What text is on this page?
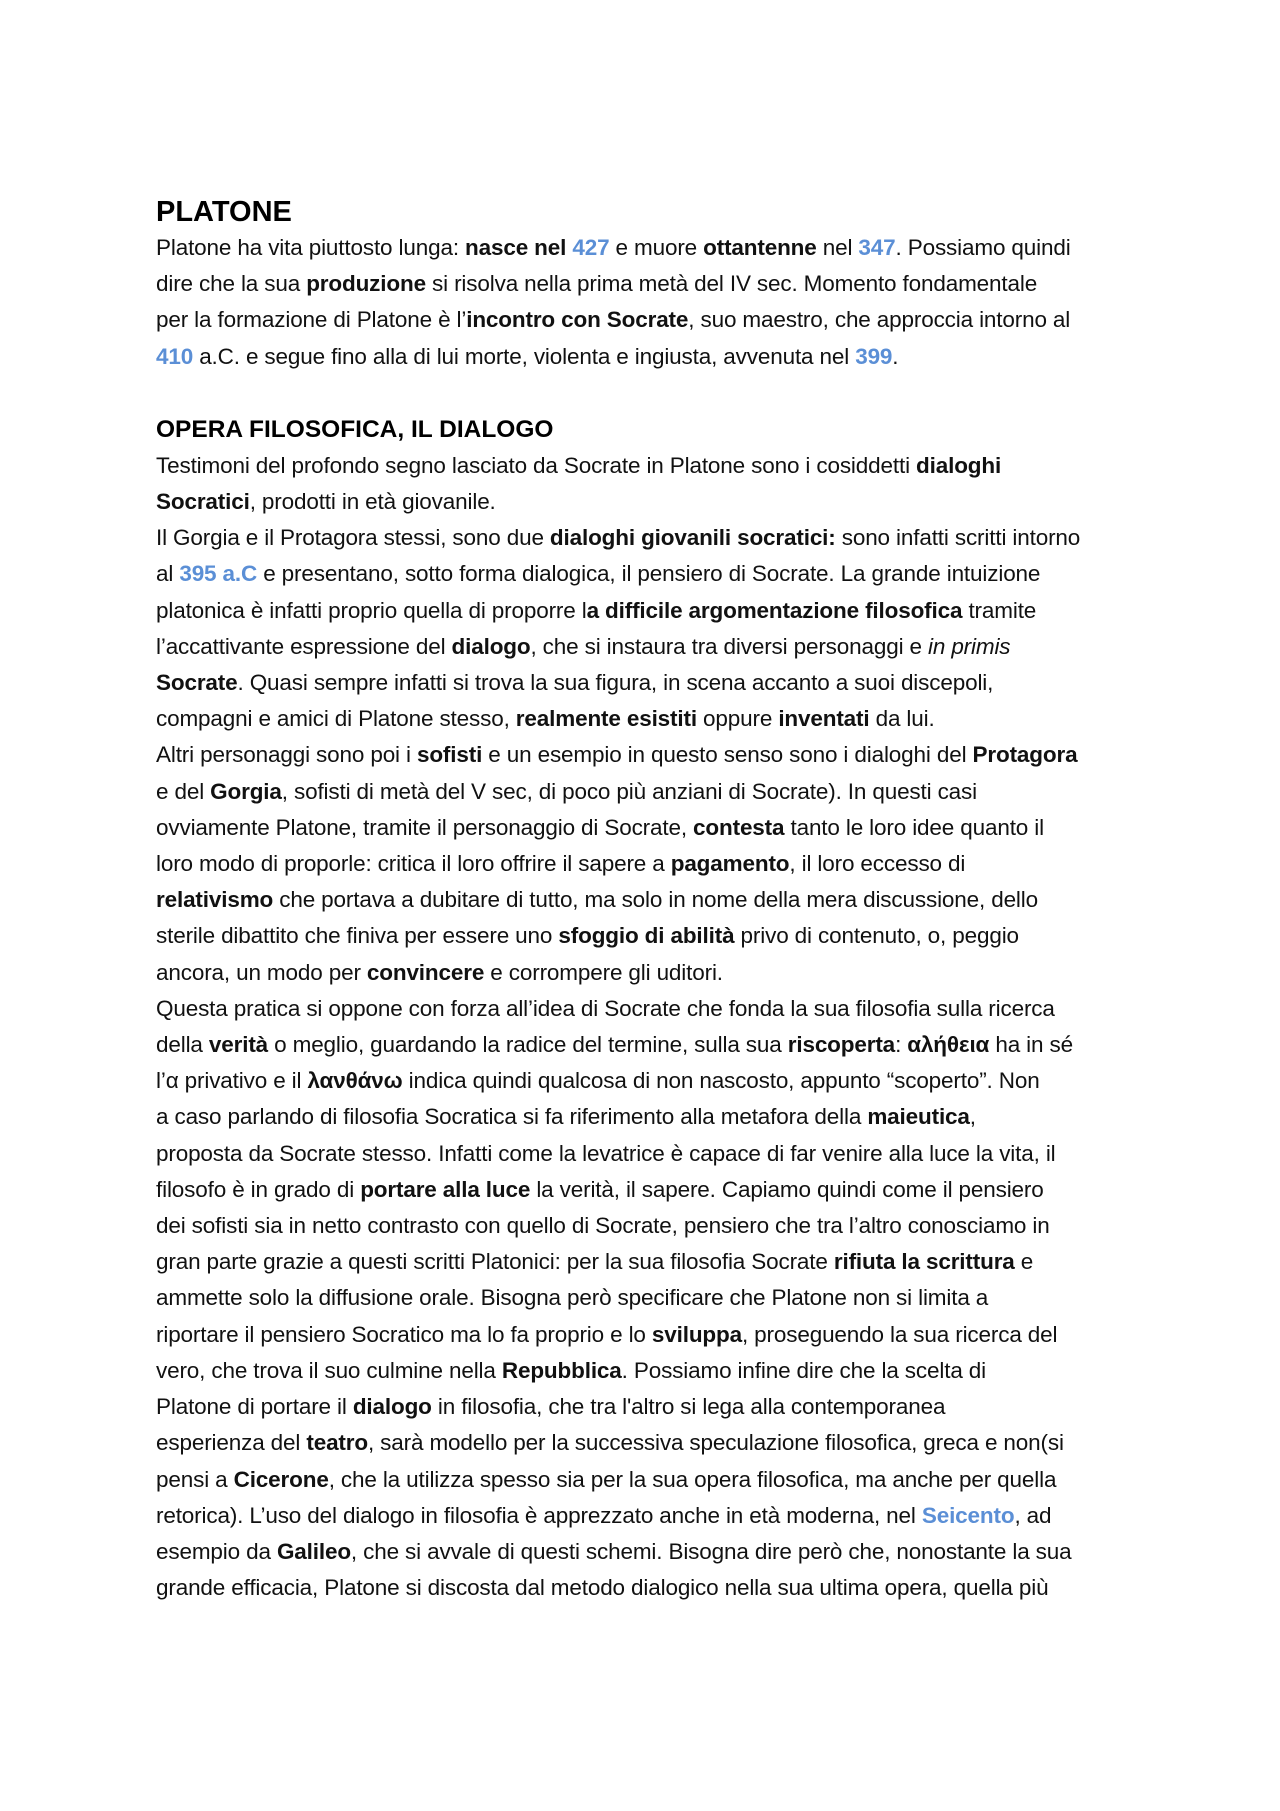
PLATONE

Platone ha vita piuttosto lunga: nasce nel 427 e muore ottantenne nel 347. Possiamo quindi
dire che la sua produzione si risolva nella prima metà del IV sec. Momento fondamentale
per la formazione di Platone è l’incontro con Socrate, suo maestro, che approccia intorno al
410 a.C. e segue fino alla di lui morte, violenta e ingiusta, avvenuta nel 399.

OPERA FILOSOFICA, IL DIALOGO

Testimoni del profondo segno lasciato da Socrate in Platone sono i cosiddetti dialoghi
Socratici, prodotti in età giovanile.
Il Gorgia e il Protagora stessi, sono due dialoghi giovanili socratici: sono infatti scritti intorno
al 395 a.C e presentano, sotto forma dialogica, il pensiero di Socrate. La grande intuizione
platonica è infatti proprio quella di proporre la difficile argomentazione filosofica tramite
l’accattivante espressione del dialogo, che si instaura tra diversi personaggi e in primis
Socrate. Quasi sempre infatti si trova la sua figura, in scena accanto a suoi discepoli,
compagni e amici di Platone stesso, realmente esistiti oppure inventati da lui.
Altri personaggi sono poi i sofisti e un esempio in questo senso sono i dialoghi del Protagora
e del Gorgia, sofisti di metà del V sec, di poco più anziani di Socrate). In questi casi
ovviamente Platone, tramite il personaggio di Socrate, contesta tanto le loro idee quanto il
loro modo di proporle: critica il loro offrire il sapere a pagamento, il loro eccesso di
relativismo che portava a dubitare di tutto, ma solo in nome della mera discussione, dello
sterile dibattito che finiva per essere uno sfoggio di abilità privo di contenuto, o, peggio
ancora, un modo per convincere e corrompere gli uditori.
Questa pratica si oppone con forza all’idea di Socrate che fonda la sua filosofia sulla ricerca
della verità o meglio, guardando la radice del termine, sulla sua riscoperta: αλήθεια ha in sé
l’α privativo e il λανθάνω indica quindi qualcosa di non nascosto, appunto “scoperto”. Non
a caso parlando di filosofia Socratica si fa riferimento alla metafora della maieutica,
proposta da Socrate stesso. Infatti come la levatrice è capace di far venire alla luce la vita, il
filosofo è in grado di portare alla luce la verità, il sapere. Capiamo quindi come il pensiero
dei sofisti sia in netto contrasto con quello di Socrate, pensiero che tra l’altro conosciamo in
gran parte grazie a questi scritti Platonici: per la sua filosofia Socrate rifiuta la scrittura e
ammette solo la diffusione orale. Bisogna però specificare che Platone non si limita a
riportare il pensiero Socratico ma lo fa proprio e lo sviluppa, proseguendo la sua ricerca del
vero, che trova il suo culmine nella Repubblica. Possiamo infine dire che la scelta di
Platone di portare il dialogo in filosofia, che tra l'altro si lega alla contemporanea
esperienza del teatro, sarà modello per la successiva speculazione filosofica, greca e non(si
pensi a Cicerone, che la utilizza spesso sia per la sua opera filosofica, ma anche per quella
retorica). L’uso del dialogo in filosofia è apprezzato anche in età moderna, nel Seicento, ad
esempio da Galileo, che si avvale di questi schemi. Bisogna dire però che, nonostante la sua
grande efficacia, Platone si discosta dal metodo dialogico nella sua ultima opera, quella più
